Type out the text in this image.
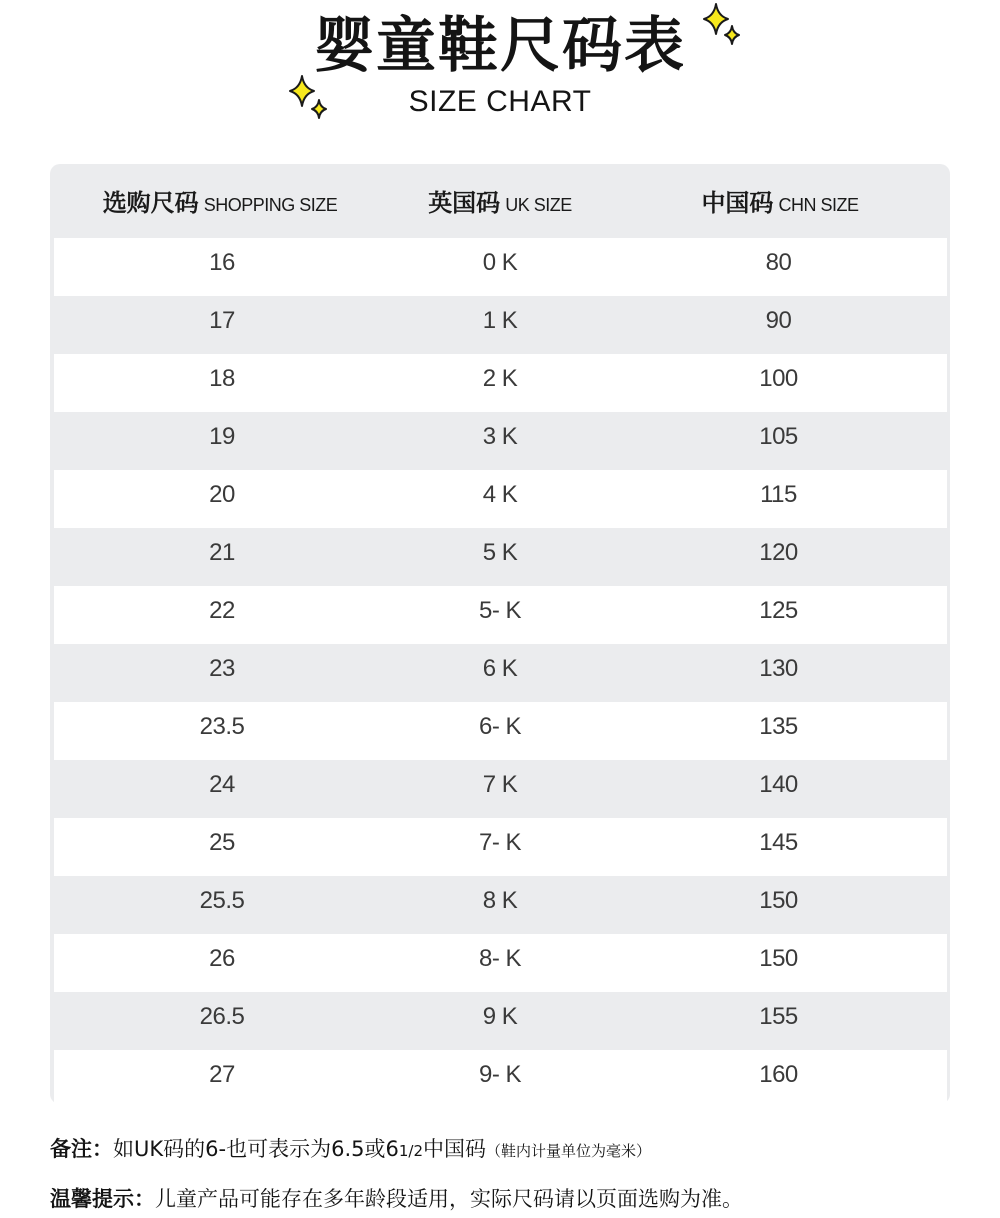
婴童鞋尺码表
SIZE CHART
选购尺码 SHOPPING SIZE	英国码 UK SIZE	中国码 CHN SIZE
16	0 K	80
17	1 K	90
18	2 K	100
19	3 K	105
20	4 K	115
21	5 K	120
22	5- K	125
23	6 K	130
23.5	6- K	135
24	7 K	140
25	7- K	145
25.5	8 K	150
26	8- K	150
26.5	9 K	155
27	9- K	160
备注：如UK码的6-也可表示为6.5或61/2中国码（鞋内计量单位为毫米）
温馨提示：儿童产品可能存在多年龄段适用，实际尺码请以页面选购为准。
